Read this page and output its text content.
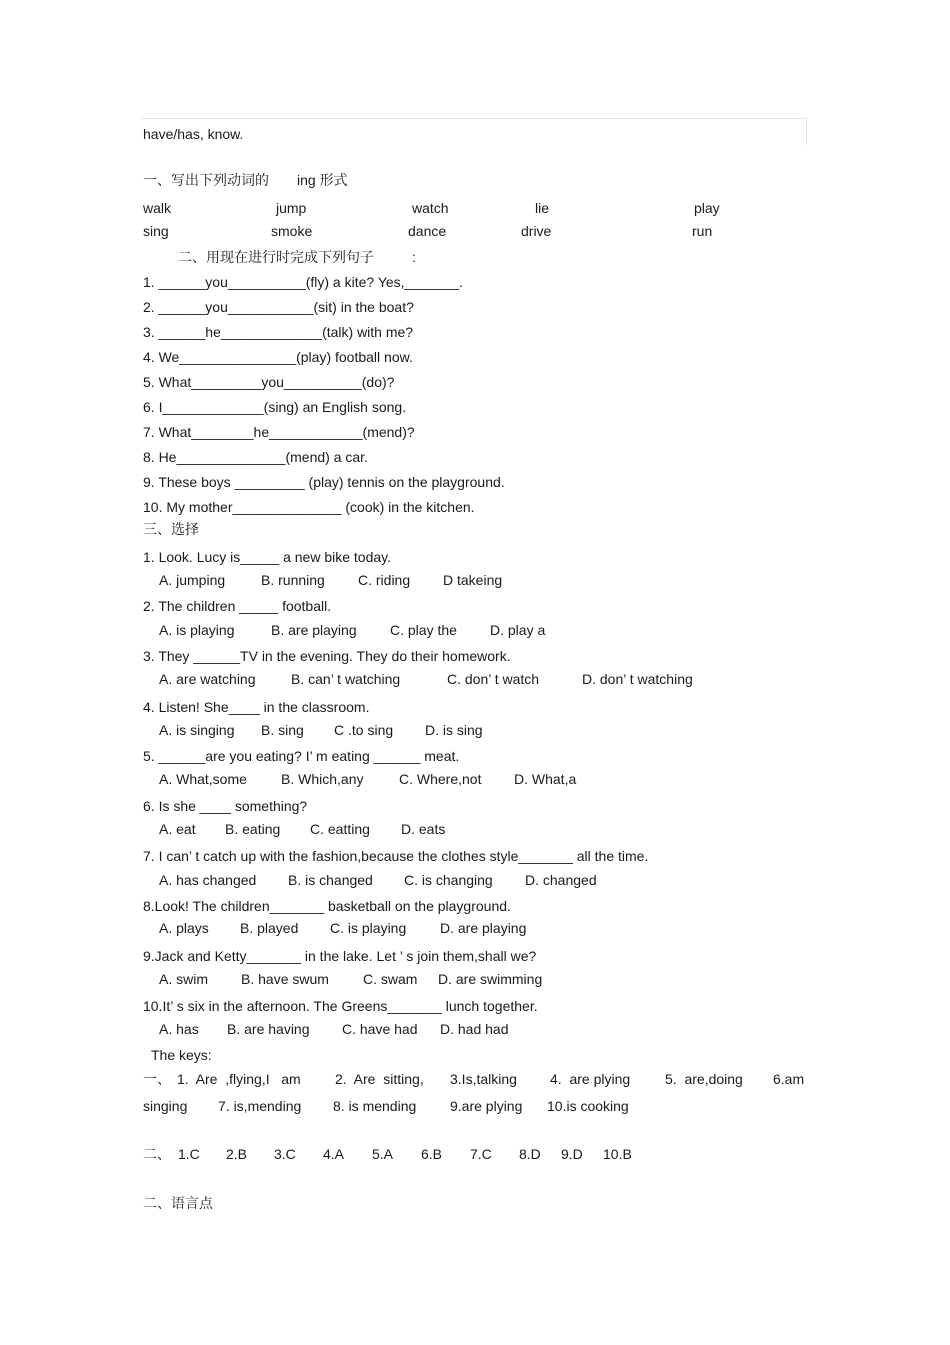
have/has, know.
一、写出下列动词的 ing 形式
walk	jump	watch	lie	play
sing	smoke	dance	drive	run
二、用现在进行时完成下列句子	:
1. ______you__________(fly) a kite? Yes,_______.
2. ______you___________(sit) in the boat?
3. ______he_____________(talk) with me?
4. We_______________(play) football now.
5. What_________you__________(do)?
6. I_____________(sing) an English song.
7. What________he____________(mend)?
8. He______________(mend) a car.
9. These boys _________ (play) tennis on the playground.
10. My mother______________ (cook) in the kitchen.
三、选择
1. Look. Lucy is_____ a new bike today.
A. jumping	B. running C. riding D takeing
2. The children _____ football.
A. is playing	B. are playing C. play the D. play a
3. They ______TV in the evening. They do their homework.
A. are watching	B. can’ t watching	C. don’ t watch	D. don’ t watching
4. Listen! She____ in the classroom.
A. is singing B. sing C .to sing D. is sing
5. ______are you eating? I’ m eating ______ meat.
A. What,some B. Which,any	C. Where,not D. What,a
6. Is she ____ something?
A. eat B. eating C. eatting D. eats
7. I can’ t catch up with the fashion,because the clothes style_______ all the time.
A. has changed B. is changed C. is changing D. changed
8.Look! The children_______ basketball on the playground.
A. plays B. played C. is playing D. are playing
9.Jack and Ketty_______ in the lake. Let ’ s join them,shall we?
A. swim B. have swum C. swam D. are swimming
10.It’ s six in the afternoon. The Greens_______ lunch together.
A. has B. are having C. have had D. had had
The keys:
一、 1.  Are  ,flying,I   am 2.  Are  sitting, 3.Is,talking 4.  are plying 5.  are,doing 6.am
singing 7. is,mending 8. is mending 9.are plying 10.is cooking
二、 1.C 2.B 3.C 4.A 5.A 6.B 7.C 8.D 9.D 10.B
二、语言点
